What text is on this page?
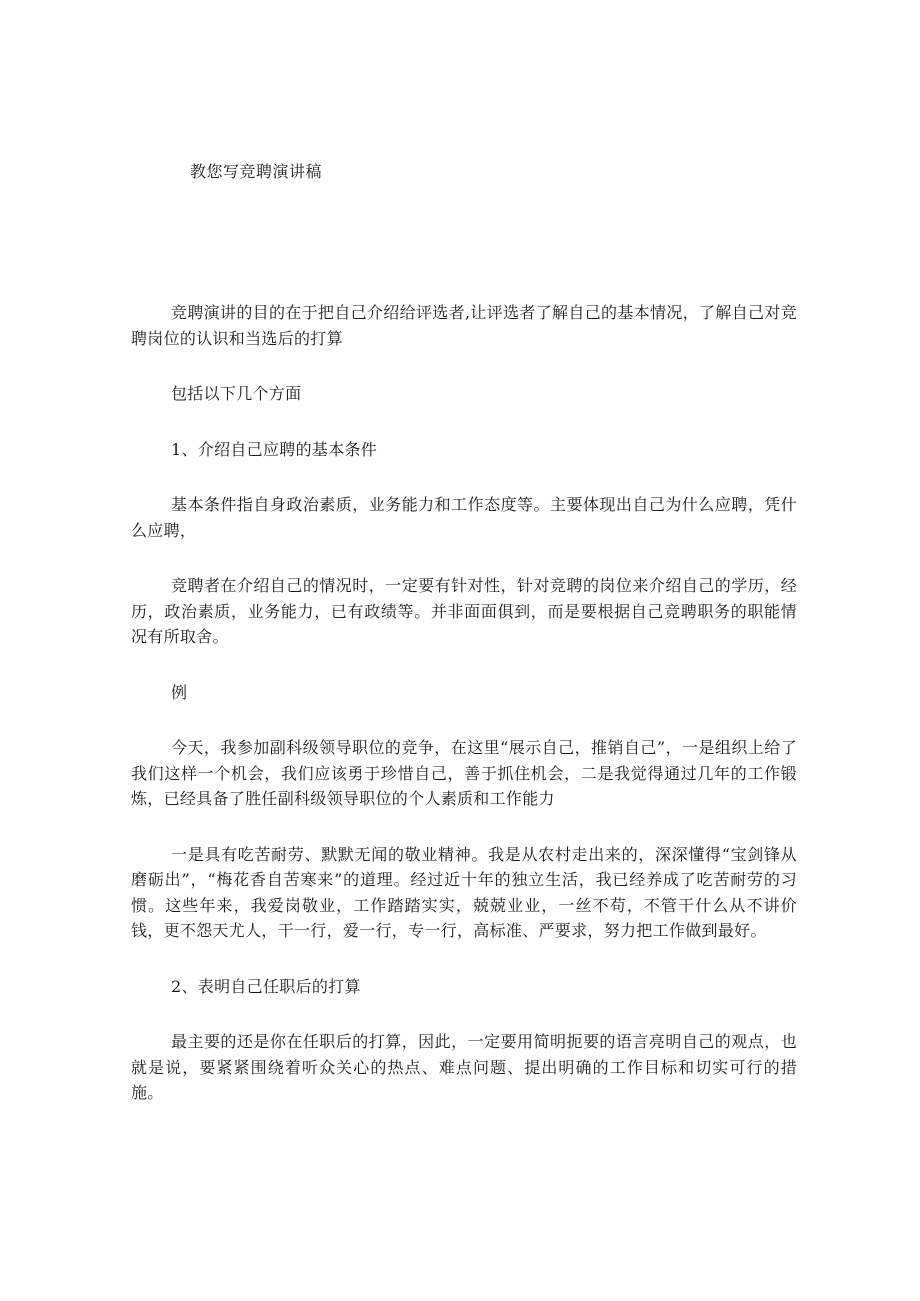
教您写竞聘演讲稿

竞聘演讲的目的在于把自己介绍给评选者,让评选者了解自己的基本情况，了解自己对竞聘岗位的认识和当选后的打算

包括以下几个方面

1、介绍自己应聘的基本条件

基本条件指自身政治素质，业务能力和工作态度等。主要体现出自己为什么应聘，凭什么应聘，

竞聘者在介绍自己的情况时，一定要有针对性，针对竞聘的岗位来介绍自己的学历，经历，政治素质，业务能力，已有政绩等。并非面面俱到，而是要根据自己竞聘职务的职能情况有所取舍。

例

今天，我参加副科级领导职位的竞争，在这里“展示自己，推销自己”，一是组织上给了我们这样一个机会，我们应该勇于珍惜自己，善于抓住机会，二是我觉得通过几年的工作锻炼，已经具备了胜任副科级领导职位的个人素质和工作能力

一是具有吃苦耐劳、默默无闻的敬业精神。我是从农村走出来的，深深懂得“宝剑锋从磨砺出”，“梅花香自苦寒来”的道理。经过近十年的独立生活，我已经养成了吃苦耐劳的习惯。这些年来，我爱岗敬业，工作踏踏实实，兢兢业业，一丝不苟，不管干什么从不讲价钱，更不怨天尤人，干一行，爱一行，专一行，高标准、严要求，努力把工作做到最好。

2、表明自己任职后的打算

最主要的还是你在任职后的打算，因此，一定要用简明扼要的语言亮明自己的观点，也就是说，要紧紧围绕着听众关心的热点、难点问题、提出明确的工作目标和切实可行的措施。
